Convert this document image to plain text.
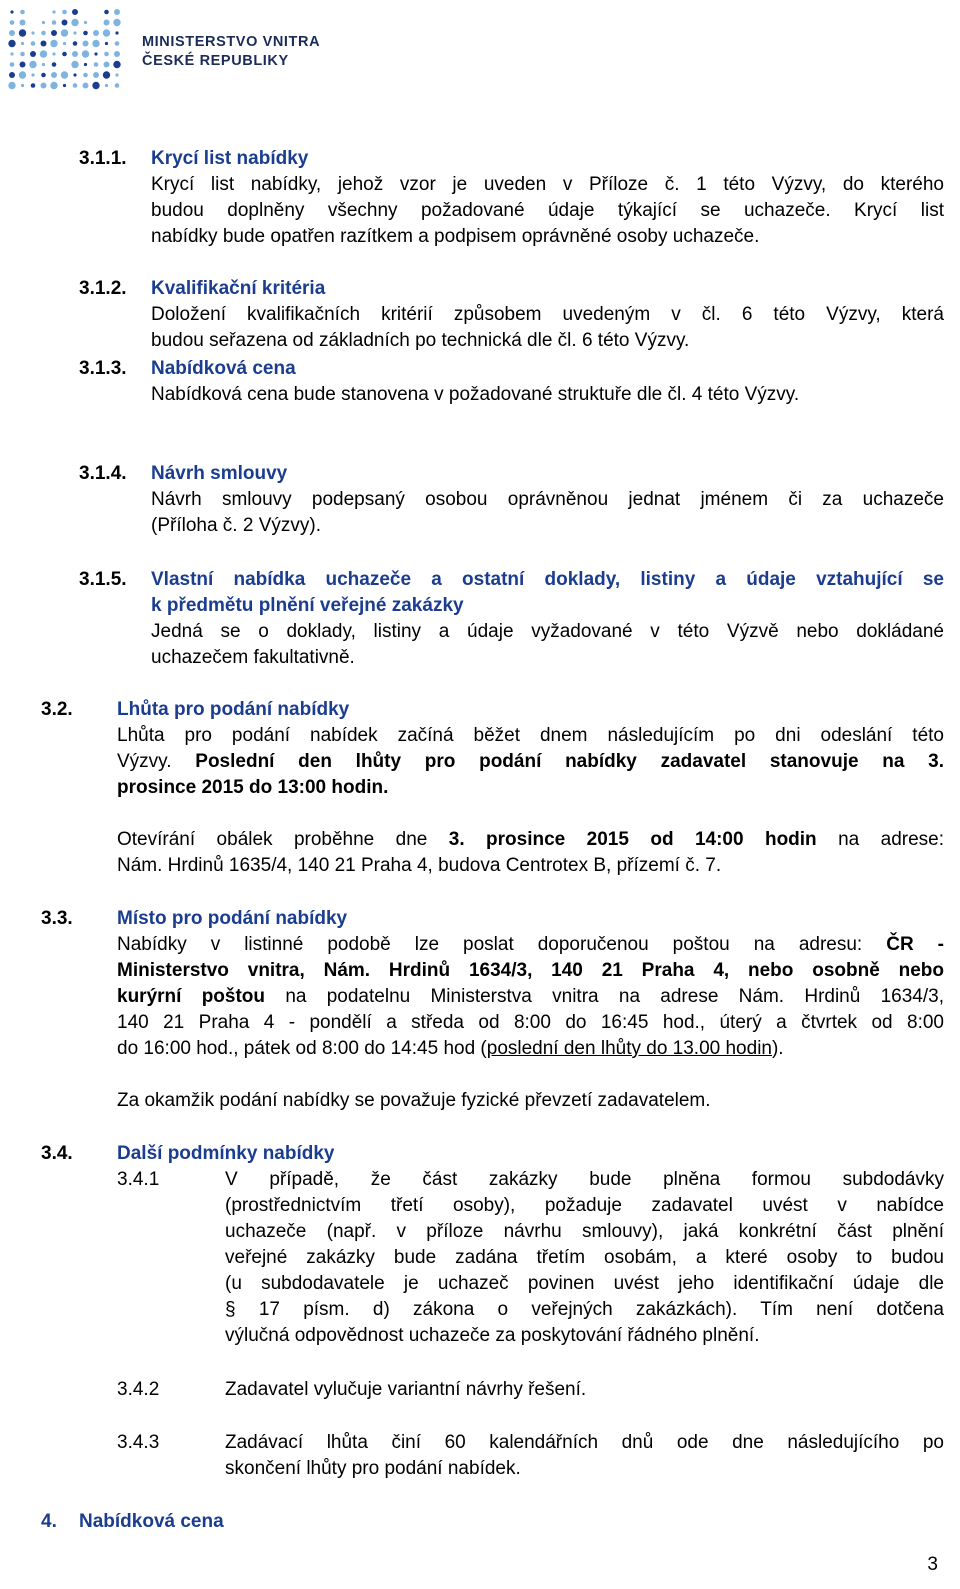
MINISTERSTVO VNITRA
ČESKÉ REPUBLIKY
3.1.1. Krycí list nabídky
Krycí list nabídky, jehož vzor je uveden v Příloze č. 1 této Výzvy, do kterého
budou doplněny všechny požadované údaje týkající se uchazeče. Krycí list
nabídky bude opatřen razítkem a podpisem oprávněné osoby uchazeče.
3.1.2. Kvalifikační kritéria
Doložení kvalifikačních kritérií způsobem uvedeným v čl. 6 této Výzvy, která
budou seřazena od základních po technická dle čl. 6 této Výzvy.
3.1.3. Nabídková cena
Nabídková cena bude stanovena v požadované struktuře dle čl. 4 této Výzvy.
3.1.4. Návrh smlouvy
Návrh smlouvy podepsaný osobou oprávněnou jednat jménem či za uchazeče
(Příloha č. 2 Výzvy).
3.1.5. Vlastní nabídka uchazeče a ostatní doklady, listiny a údaje vztahující se
k předmětu plnění veřejné zakázky
Jedná se o doklady, listiny a údaje vyžadované v této Výzvě nebo dokládané
uchazečem fakultativně.
3.2. Lhůta pro podání nabídky
Lhůta pro podání nabídek začíná běžet dnem následujícím po dni odeslání této
Výzvy. Poslední den lhůty pro podání nabídky zadavatel stanovuje na 3.
prosince 2015 do 13:00 hodin.
Otevírání obálek proběhne dne 3. prosince 2015 od 14:00 hodin na adrese:
Nám. Hrdinů 1635/4, 140 21 Praha 4, budova Centrotex B, přízemí č. 7.
3.3. Místo pro podání nabídky
Nabídky v listinné podobě lze poslat doporučenou poštou na adresu: ČR -
Ministerstvo vnitra, Nám. Hrdinů 1634/3, 140 21 Praha 4, nebo osobně nebo
kurýrní poštou na podatelnu Ministerstva vnitra na adrese Nám. Hrdinů 1634/3,
140 21 Praha 4 - pondělí a středa od 8:00 do 16:45 hod., úterý a čtvrtek od 8:00
do 16:00 hod., pátek od 8:00 do 14:45 hod (poslední den lhůty do 13.00 hodin).
Za okamžik podání nabídky se považuje fyzické převzetí zadavatelem.
3.4. Další podmínky nabídky
3.4.1	V případě, že část zakázky bude plněna formou subdodávky
(prostřednictvím třetí osoby), požaduje zadavatel uvést v nabídce
uchazeče (např. v příloze návrhu smlouvy), jaká konkrétní část plnění
veřejné zakázky bude zadána třetím osobám, a které osoby to budou
(u subdodavatele je uchazeč povinen uvést jeho identifikační údaje dle
§ 17 písm. d) zákona o veřejných zakázkách). Tím není dotčena
výlučná odpovědnost uchazeče za poskytování řádného plnění.
3.4.2	Zadavatel vylučuje variantní návrhy řešení.
3.4.3	Zadávací lhůta činí 60 kalendářních dnů ode dne následujícího po
skončení lhůty pro podání nabídek.
4. Nabídková cena
3
